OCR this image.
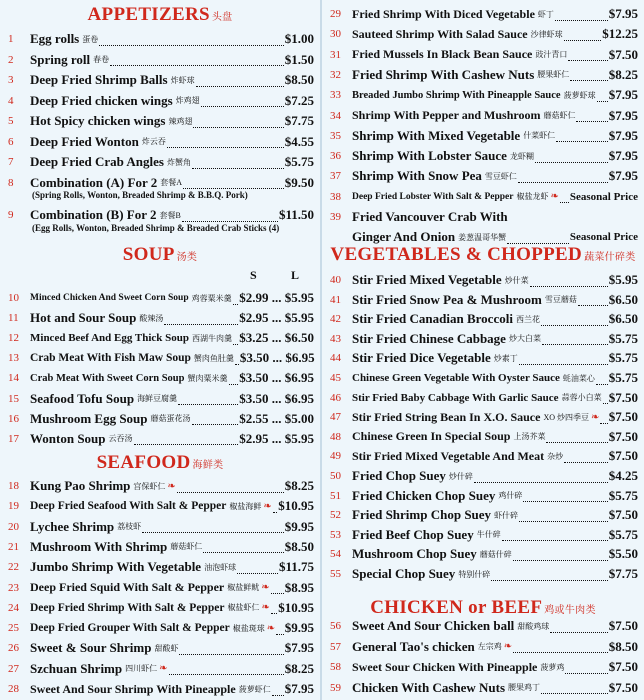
APPETIZERS 头盘
1	Egg rolls 蛋卷	$1.00
2	Spring roll 春卷	$1.50
3	Deep Fried Shrimp Balls 炸虾球	$8.50
4	Deep Fried chicken wings 炸鸡翅	$7.25
5	Hot Spicy chicken wings 辣鸡翅	$7.75
6	Deep Fried Wonton 炸云吞	$4.55
7	Deep Fried Crab Angles 炸蟹角	$5.75
8	Combination (A) For 2 套餐A	$9.50
(Spring Rolls, Wonton, Breaded Shrimp & B.B.Q. Pork)
9	Combination (B) For 2 套餐B	$11.50
(Egg Rolls, Wonton, Breaded Shrimp & Breaded Crab Sticks (4)
SOUP 汤类
S	L
10	Minced Chicken And Sweet Corn Soup 鸡蓉粟米羹 $2.99 ... $5.95
11 Hot and Sour Soup 酸辣汤	$2.95 ... $5.95
12	Minced Beef And Egg Thick Soup 西湖牛肉羹 $3.25 ... $6.50
13 Crab Meat With Fish Maw Soup 蟹肉鱼肚羹 $3.50 ... $6.95
14	Crab Meat With Sweet Corn Soup 蟹肉粟米羹 $3.50 ... $6.95
15 Seafood Tofu Soup 海鲜豆腐羹	$3.50 ... $6.95
16 Mushroom Egg Soup 蘑菇蛋花汤	$2.55 ... $5.00
17 Wonton Soup 云吞汤	$2.95 ... $5.95
SEAFOOD 海鲜类
18 Kung Pao Shrimp 宫保虾仁 ❧	$8.25
19 Deep Fried Seafood With Salt & Pepper 椒盐海鲜 ❧ $10.95
20 Lychee Shrimp 荔枝虾	$9.95
21 Mushroom With Shrimp 蘑菇虾仁	$8.50
22 Jumbo Shrimp With Vegetable 油泡虾球	$11.75
23 Deep Fried Squid With Salt & Pepper 椒盐鲜鱿 ❧ $8.95
24 Deep Fried Shrimp With Salt & Pepper 椒盐虾仁 ❧ $10.95
25 Deep Fried Grouper With Salt & Pepper 椒盐斑球 ❧ $9.95
26 Sweet & Sour Shrimp 甜酸虾	$7.95
27 Szchuan Shrimp 四川虾仁 ❧	$8.25
28 Sweet And Sour Shrimp With Pineapple 菠萝虾仁 $7.95
29 Fried Shrimp With Diced Vegetable 虾丁	$7.95
30 Sauteed Shrimp With Salad Sauce 沙律虾球	$12.25
31 Fried Mussels In Black Bean Sauce 豉汁青口	$7.50
32 Fried Shrimp With Cashew Nuts 腰果虾仁	$8.25
33	Breaded Jumbo Shrimp With Pineapple Sauce 菠萝虾球 $7.95
34 Shrimp With Pepper and Mushroom 蘑菇虾仁	$7.95
35 Shrimp With Mixed Vegetable 什菜虾仁	$7.95
36 Shrimp With Lobster Sauce 龙虾糊	$7.95
37 Shrimp With Snow Pea 雪豆虾仁	$7.95
38	Deep Fried Lobster With Salt & Pepper 椒盐龙虾 ❧ Seasonal Price
39 Fried Vancouver Crab With
Ginger And Onion 姜葱温哥华蟹	Seasonal Price
VEGETABLES & CHOPPED 蔬菜什碎类
40 Stir Fried Mixed Vegetable 炒什菜	$5.95
41 Stir Fried Snow Pea & Mushroom 雪豆蘑菇 $6.50
42 Stir Fried Canadian Broccoli 西兰花	$6.50
43 Stir Fried Chinese Cabbage 炒大白菜	$5.75
44 Stir Fried Dice Vegetable 炒素丁	$5.75
45	Chinese Green Vegetable With Oyster Sauce 蚝油菜心 $5.75
46	Stir Fried Baby Cabbage With Garlic Sauce 蒜蓉小白菜 $7.50
47 Stir Fried String Bean In X.O. Sauce XO 炒四季豆 ❧ $7.50
48 Chinese Green In Special Soup 上汤芥菜	$7.50
49 Stir Fried Mixed Vegetable And Meat 杂炒	$7.50
50 Fried Chop Suey 炒什碎	$4.25
51 Fried Chicken Chop Suey 鸡什碎	$5.75
52 Fried Shrimp Chop Suey 虾什碎	$7.50
53 Fried Beef Chop Suey 牛什碎	$5.75
54 Mushroom Chop Suey 蘑菇什碎	$5.50
55 Special Chop Suey 特别什碎	$7.75
CHICKEN or BEEF 鸡或牛肉类
56 Sweet And Sour Chicken ball 甜酸鸡球	$7.50
57 General Tao's chicken 左宗鸡 ❧	$8.50
58 Sweet Sour Chicken With Pineapple 菠萝鸡	$7.50
59 Chicken With Cashew Nuts 腰果鸡丁	$7.50
